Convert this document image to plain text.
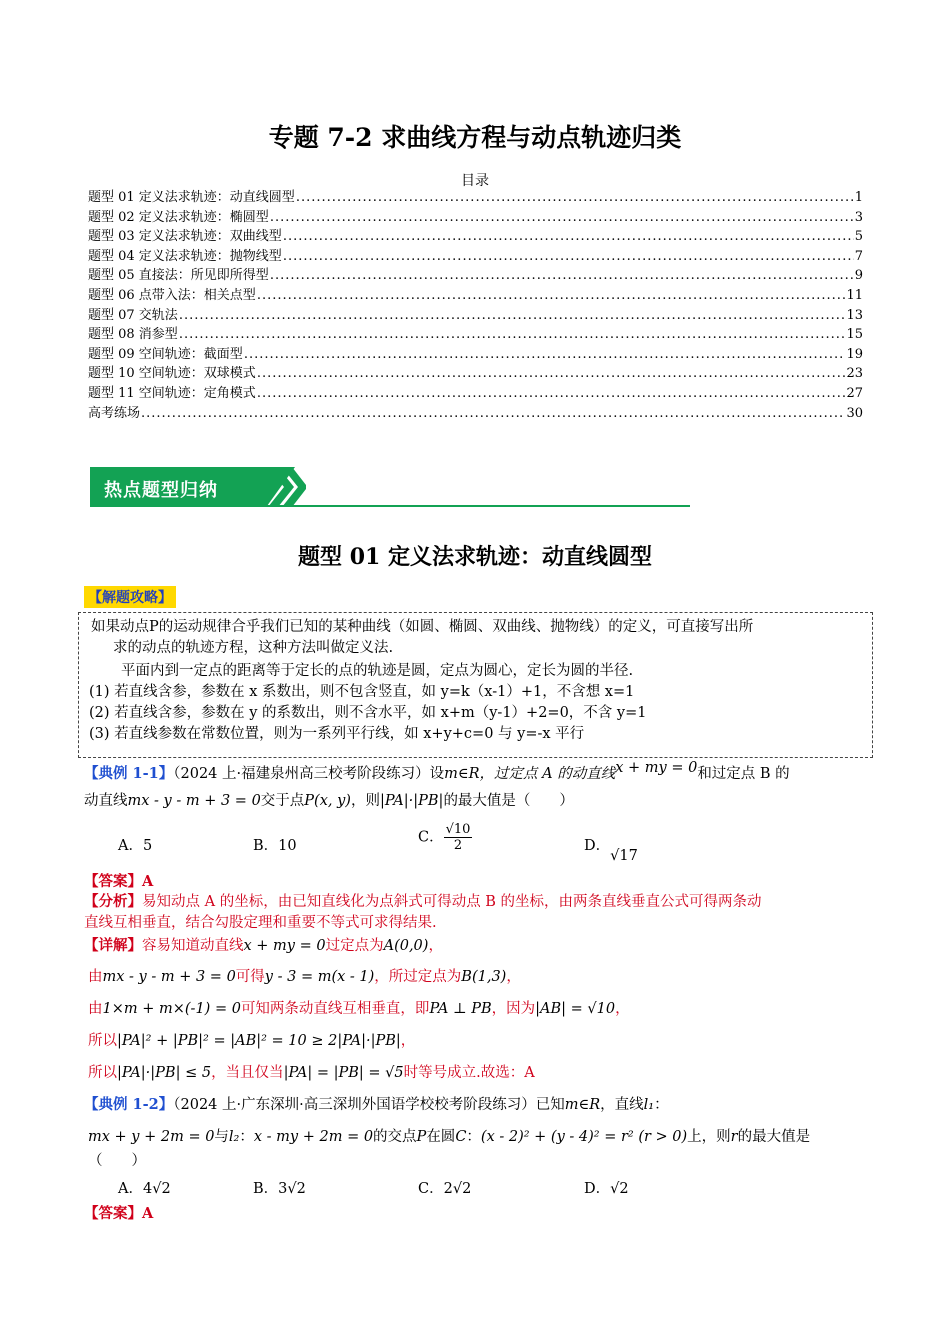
专题 7-2 求曲线方程与动点轨迹归类
目录
题型 01 定义法求轨迹：动直线圆型 .....	1
题型 02 定义法求轨迹：椭圆型 .....	3
题型 03 定义法求轨迹：双曲线型 .....	5
题型 04 定义法求轨迹：抛物线型 .....	7
题型 05 直接法：所见即所得型 .....	9
题型 06 点带入法：相关点型 .....	11
题型 07 交轨法 .....	13
题型 08 消参型 .....	15
题型 09 空间轨迹：截面型 .....	19
题型 10 空间轨迹：双球模式 .....	23
题型 11 空间轨迹：定角模式 .....	27
高考练场 .....	30
热点题型归纳
题型 01 定义法求轨迹：动直线圆型
【解题攻略】

如果动点P的运动规律合乎我们已知的某种曲线（如圆、椭圆、双曲线、抛物线）的定义，可直接写出所

求的动点的轨迹方程，这种方法叫做定义法.

平面内到一定点的距离等于定长的点的轨迹是圆，定点为圆心，定长为圆的半径.

(1) 若直线含参，参数在 x 系数出，则不包含竖直，如 y=k（x-1）+1，不含想 x=1

(2) 若直线含参，参数在 y 的系数出，则不含水平，如 x+m（y-1）+2=0，不含 y=1

(3) 若直线参数在常数位置，则为一系列平行线，如 x+y+c=0 与 y=-x 平行

【典例 1-1】（2024 上·福建泉州高三校考阶段练习）设m∈R，过定点 A 的动直线x + my = 0和过定点 B 的
动直线mx - y - m + 3 = 0交于点P(x, y)，则|PA|·|PB|的最大值是（　　）
A．5	B．10
C． $\frac{√10}{2}$	D．√17
【答案】A
【分析】易知动点 A 的坐标，由已知直线化为点斜式可得动点 B 的坐标，由两条直线垂直公式可得两条动
直线互相垂直，结合勾股定理和重要不等式可求得结果.
【详解】容易知道动直线x + my = 0过定点为A(0,0)，
由mx - y - m + 3 = 0可得y - 3 = m(x - 1)，所过定点为B(1,3)，
由1×m + m×(-1) = 0可知两条动直线互相垂直，即PA ⊥ PB，因为|AB| = √10，
所以|PA|² + |PB|² = |AB|² = 10 ≥ 2|PA|·|PB|，
所以|PA|·|PB| ≤ 5，当且仅当|PA| = |PB| = √5时等号成立.故选：A
【典例 1-2】（2024 上·广东深圳·高三深圳外国语学校校考阶段练习）已知m∈R，直线l₁：
mx + y + 2m = 0与l₂：x - my + 2m = 0的交点P在圆C：(x - 2)² + (y - 4)² = r² (r > 0)上，则r的最大值是
（　　）
A．4√2	B．3√2	C．2√2	D．√2
【答案】A
